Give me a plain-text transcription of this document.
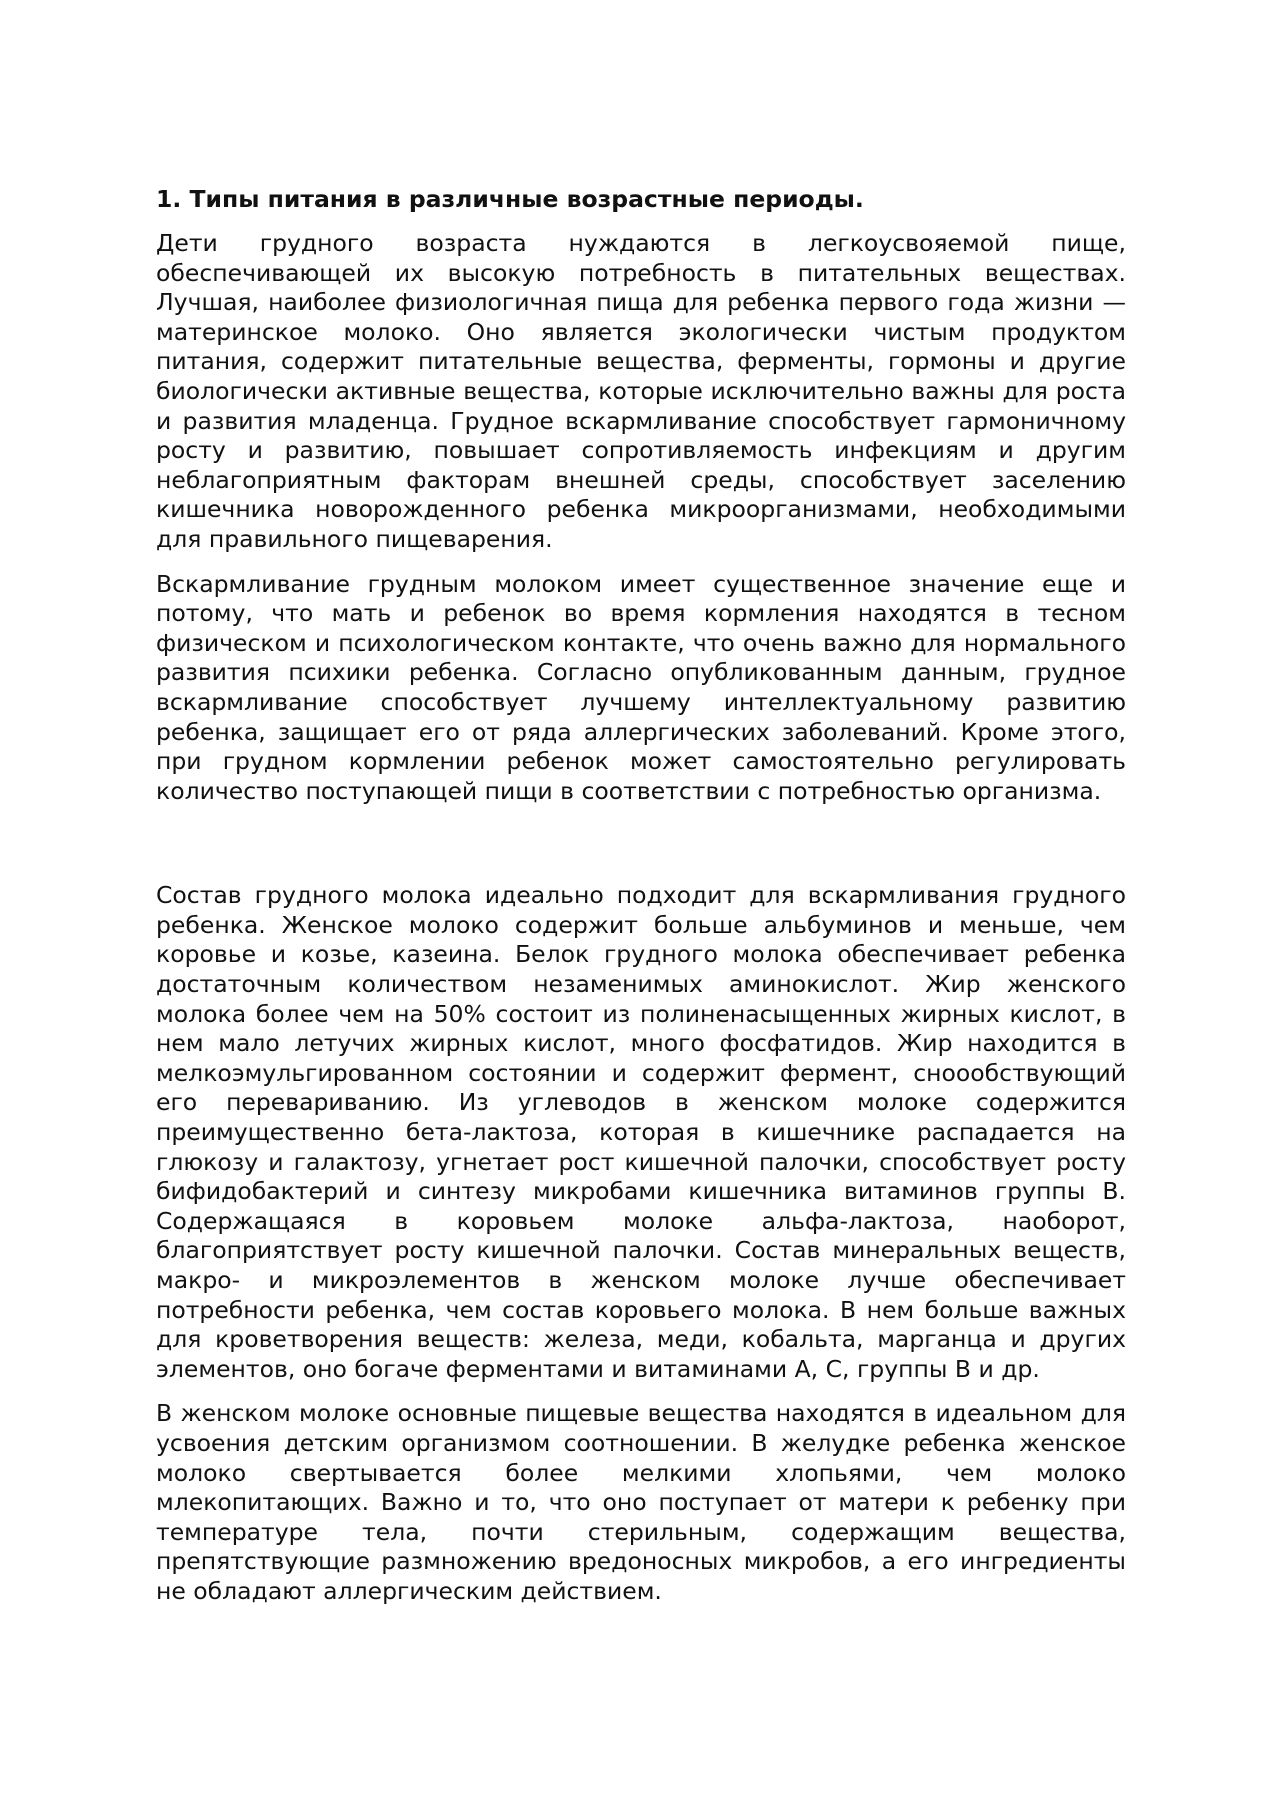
1. Типы питания в различные возрастные периоды.

Дети грудного возраста нуждаются в легкоусвояемой пище, обеспечивающей их высокую потребность в питательных веществах. Лучшая, наиболее физиологичная пища для ребенка первого года жизни — материнское молоко. Оно является экологически чистым продуктом питания, содержит питательные вещества, ферменты, гормоны и другие биологически активные вещества, которые исключительно важны для роста и развития младенца. Грудное вскармливание способствует гармоничному росту и развитию, повышает сопротивляемость инфекциям и другим неблагоприятным факторам внешней среды, способствует заселению кишечника новорожденного ребенка микроорганизмами, необходимыми для правильного пищеварения.

Вскармливание грудным молоком имеет существенное значение еще и потому, что мать и ребенок во время кормления находятся в тесном физическом и психологическом контакте, что очень важно для нормального развития психики ребенка. Согласно опубликованным данным, грудное вскармливание способствует лучшему интеллектуальному развитию ребенка, защищает его от ряда аллергических заболеваний. Кроме этого, при грудном кормлении ребенок может самостоятельно регулировать количество поступающей пищи в соответствии с потребностью организма.

Состав грудного молока идеально подходит для вскармливания грудного ребенка. Женское молоко содержит больше альбуминов и меньше, чем коровье и козье, казеина. Белок грудного молока обеспечивает ребенка достаточным количеством незаменимых аминокислот. Жир женского молока более чем на 50% состоит из полиненасыщенных жирных кислот, в нем мало летучих жирных кислот, много фосфатидов. Жир находится в мелкоэмульгированном состоянии и содержит фермент, сноообствующий его перевариванию. Из углеводов в женском молоке содержится преимущественно бета-лактоза, которая в кишечнике распадается на глюкозу и галактозу, угнетает рост кишечной палочки, способствует росту бифидобактерий и синтезу микробами кишечника витаминов группы В. Содержащаяся в коровьем молоке альфа-лактоза, наоборот, благоприятствует росту кишечной палочки. Состав минеральных веществ, макро- и микроэлементов в женском молоке лучше обеспечивает потребности ребенка, чем состав коровьего молока. В нем больше важных для кроветворения веществ: железа, меди, кобальта, марганца и других элементов, оно богаче ферментами и витаминами А, С, группы В и др.

В женском молоке основные пищевые вещества находятся в идеальном для усвоения детским организмом соотношении. В желудке ребенка женское молоко свертывается более мелкими хлопьями, чем молоко млекопитающих. Важно и то, что оно поступает от матери к ребенку при температуре тела, почти стерильным, содержащим вещества, препятствующие размножению вредоносных микробов, а его ингредиенты не обладают аллергическим действием.
